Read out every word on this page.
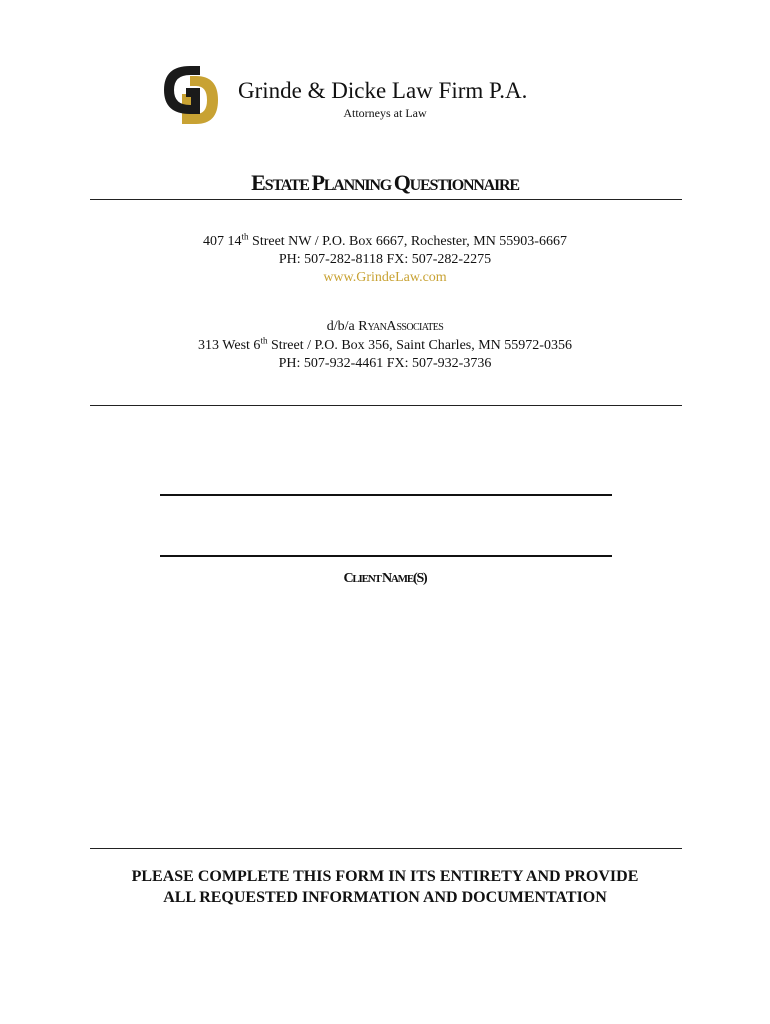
Grinde & Dicke Law Firm P.A.
Attorneys at Law
ESTATE PLANNING QUESTIONNAIRE
407 14th Street NW / P.O. Box 6667, Rochester, MN 55903-6667
PH: 507-282-8118 FX: 507-282-2275
www.GrindeLaw.com
d/b/a RYANASSOCIATES
313 West 6th Street / P.O. Box 356, Saint Charles, MN 55972-0356
PH: 507-932-4461 FX: 507-932-3736
CLIENT NAME(S)
PLEASE COMPLETE THIS FORM IN ITS ENTIRETY AND PROVIDE
ALL REQUESTED INFORMATION AND DOCUMENTATION
